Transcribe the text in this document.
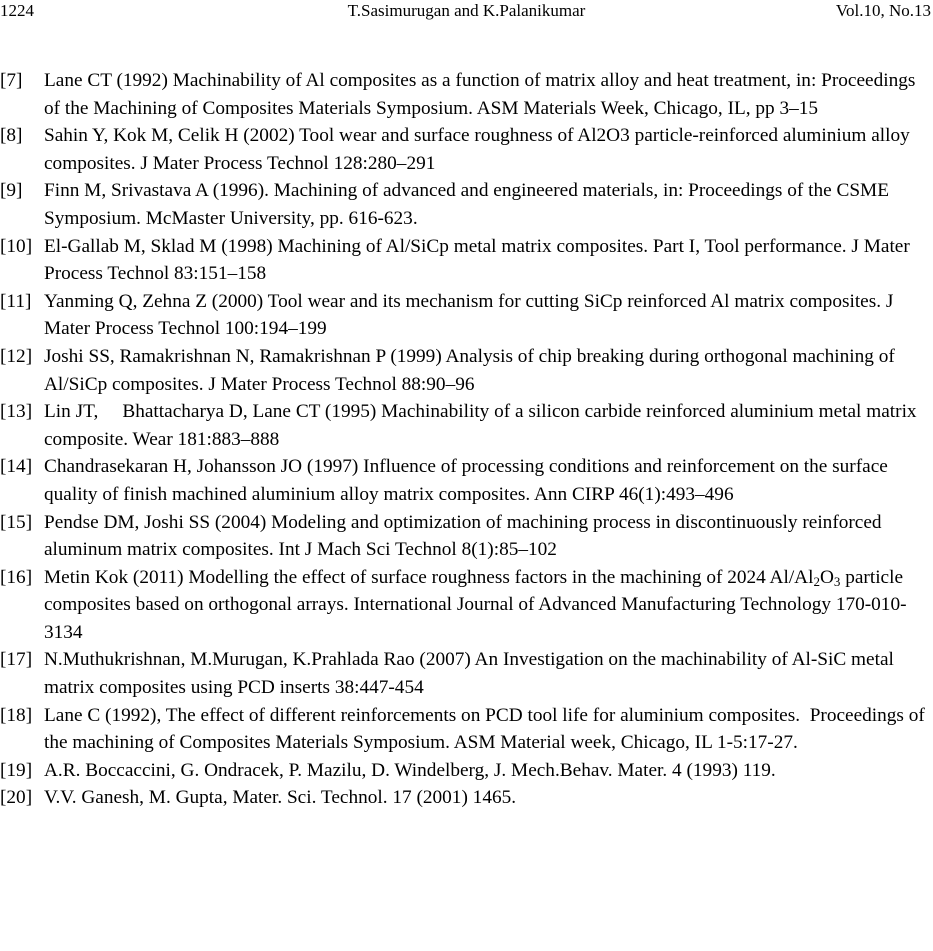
1224	T.Sasimurugan and K.Palanikumar	Vol.10, No.13
[7] Lane CT (1992) Machinability of Al composites as a function of matrix alloy and heat treatment, in: Proceedings of the Machining of Composites Materials Symposium. ASM Materials Week, Chicago, IL, pp 3–15
[8] Sahin Y, Kok M, Celik H (2002) Tool wear and surface roughness of Al2O3 particle-reinforced aluminium alloy composites. J Mater Process Technol 128:280–291
[9] Finn M, Srivastava A (1996). Machining of advanced and engineered materials, in: Proceedings of the CSME Symposium. McMaster University, pp. 616-623.
[10] El-Gallab M, Sklad M (1998) Machining of Al/SiCp metal matrix composites. Part I, Tool performance. J Mater Process Technol 83:151–158
[11] Yanming Q, Zehna Z (2000) Tool wear and its mechanism for cutting SiCp reinforced Al matrix composites. J Mater Process Technol 100:194–199
[12] Joshi SS, Ramakrishnan N, Ramakrishnan P (1999) Analysis of chip breaking during orthogonal machining of Al/SiCp composites. J Mater Process Technol 88:90–96
[13] Lin JT,     Bhattacharya D, Lane CT (1995) Machinability of a silicon carbide reinforced aluminium metal matrix composite. Wear 181:883–888
[14] Chandrasekaran H, Johansson JO (1997) Influence of processing conditions and reinforcement on the surface quality of finish machined aluminium alloy matrix composites. Ann CIRP 46(1):493–496
[15] Pendse DM, Joshi SS (2004) Modeling and optimization of machining process in discontinuously reinforced aluminum matrix composites. Int J Mach Sci Technol 8(1):85–102
[16] Metin Kok (2011) Modelling the effect of surface roughness factors in the machining of 2024 $Al/Al_2O_3$ particle composites based on orthogonal arrays. International Journal of Advanced Manufacturing Technology 170-010-3134
[17] N.Muthukrishnan, M.Murugan, K.Prahlada Rao (2007) An Investigation on the machinability of Al-SiC metal matrix composites using PCD inserts 38:447-454
[18] Lane C (1992), The effect of different reinforcements on PCD tool life for aluminium composites.  Proceedings of the machining of Composites Materials Symposium. ASM Material week, Chicago, IL 1-5:17-27.
[19] A.R. Boccaccini, G. Ondracek, P. Mazilu, D. Windelberg, J. Mech.Behav. Mater. 4 (1993) 119.
[20] V.V. Ganesh, M. Gupta, Mater. Sci. Technol. 17 (2001) 1465.
